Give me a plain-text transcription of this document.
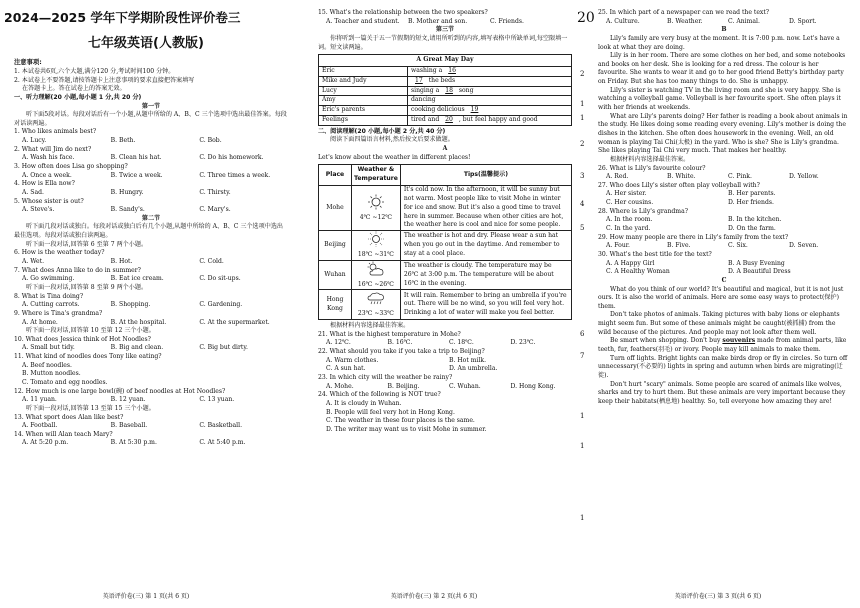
2024—2025 学年下学期阶段性评价卷三
七年级英语(人教版)
注意事项:

1. 本试卷共6页,六个大题,满分120 分,考试时间100 分钟。

2. 本试卷上不要答题,请按答题卡上注意事项的要求直接把答案填写

在答题卡上。答在试卷上的答案无效。

一、听力理解(20 小题,每小题 1 分,共 20 分)

第一节

听下面5段对话。每段对话后有一个小题,从题中所给的 A、B、C 三个选项中选出最佳答案。每段对话读两遍。

1. Who likes animals best?

A. Lucy.	B. Beth.	C. Bob.

2. What will Jim do next?

A. Wash his face.	B. Clean his hat.	C. Do his homework.

3. How often does Lisa go shopping?

A. Once a week.	B. Twice a week.	C. Three times a week.

4. How is Ella now?

A. Sad.	B. Hungry.	C. Thirsty.

5. Whose sister is out?

A. Steve's.	B. Sandy's.	C. Mary's.

第二节

听下面几段对话或独白。每段对话或独白后有几个小题,从题中所给的 A、B、C 三个选项中选出最佳选项。每段对话或独白读两遍。

听下面一段对话,回答第 6 至第 7 两个小题。

6. How is the weather today?

A. Wet.	B. Hot.	C. Cold.

7. What does Anna like to do in summer?

A. Go swimming.	B. Eat ice cream.	C. Do sit-ups.

听下面一段对话,回答第 8 至第 9 两个小题。

8. What is Tina doing?

A. Cutting carrots.	B. Shopping.	C. Gardening.

9. Where is Tina's grandma?

A. At home.	B. At the hospital.	C. At the supermarket.

听下面一段对话,回答第 10 至第 12 三个小题。

10. What does Jessica think of Hot Noodles?

A. Small but tidy.	B. Big and clean.	C. Big but dirty.

11. What kind of noodles does Tony like eating?

A. Beef noodles.
B. Mutton noodles.
C. Tomato and egg noodles.

12. How much is one large bowl(碗) of beef noodles at Hot Noodles?

A. 11 yuan.	B. 12 yuan.	C. 13 yuan.

听下面一段对话,回答第 13 至第 15 三个小题。

13. What sport does Alan like best?

A. Football.	B. Baseball.	C. Basketball.

14. When will Alan teach Mary?

A. At 5:20 p.m.	B. At 5:30 p.m.	C. At 5:40 p.m.
英语评价卷(三) 第 1 页(共 6 页)

15. What's the relationship between the two speakers?

A. Teacher and student.	B. Mother and son.	C. Friends.

第三节

你将听到一篇关于五一节假期的短文,请用所听到的内容,填写表格中所缺单词,每空限填一词。短文读两遍。

A Great May Day
Eric	washing a 16
Mike and Judy	17 the beds
Lucy	singing a 18 song
Amy	dancing
Eric's parents	cooking delicious 19
Feelings	tired and 20 , but feel happy and good

二、阅读理解(20 小题,每小题 2 分,共 40 分)

阅读下面四篇语言材料,然后按文后要求做题。

A

Let's know about the weather in different places!

Place	Weather & Temperature	Tips(温馨提示)
Mohe	4℃ ~12℃	It's cold now. In the afternoon, it will be sunny but not warm. Most people like to visit Mohe in winter for ice and snow. But it's also a good time to travel here in summer. Because when other cities are hot, the weather here is cool and nice for some people.
Beijing	18℃ ~31℃	The weather is hot and dry. Please wear a sun hat when you go out in the daytime. And remember to stay at a cool place.
Wuhan	16℃ ~26℃	The weather is cloudy. The temperature may be 26℃ at 3:00 p.m. The temperature will be about 16℃ in the evening.
Hong Kong	23℃ ~33℃	It will rain. Remember to bring an umbrella if you're out. There will be no wind, so you will feel very hot. Drinking a lot of water will make you feel better.

根据材料内容选择最佳答案。

21. What is the highest temperature in Mohe?

A. 12℃.	B. 16℃.	C. 18℃.	D. 23℃.

22. What should you take if you take a trip to Beijing?

A. Warm clothes.	B. Hot milk.
C. A sun hat.	D. An umbrella.

23. In which city will the weather be rainy?

A. Mohe.	B. Beijing.	C. Wuhan.	D. Hong Kong.

24. Which of the following is NOT true?

A. It is cloudy in Wuhan.
B. People will feel very hot in Hong Kong.
C. The weather in these four places is the same.
D. The writer may want us to visit Mohe in summer.
英语评价卷(三) 第 2 页(共 6 页)
20
2
1
1
2
3
4
5
6
7
1
1
1

25. In which part of a newspaper can we read the text?

A. Culture.	B. Weather.	C. Animal.	D. Sport.

B

Lily's family are very busy at the moment. It is 7:00 p.m. now. Let's have a look at what they are doing.

Lily is in her room. There are some clothes on her bed, and some notebooks and books on her desk. She is looking for a red dress. The colour is her favourite. She wants to wear it and go to her good friend Betty's birthday party on Friday. But she has too many things to do. She is unhappy.

Lily's sister is watching TV in the living room and she is very happy. She is watching a volleyball game. Volleyball is her favourite sport. She often plays it with her friends at weekends.

What are Lily's parents doing? Her father is reading a book about animals in the study. He likes doing some reading every evening. Lily's mother is doing the dishes in the kitchen. She often does housework in the evening. Well, an old woman is playing Tai Chi(太极) in the yard. Who is she? She is Lily's grandma. She likes playing Tai Chi very much. That makes her healthy.

根据材料内容选择最佳答案。

26. What is Lily's favourite colour?

A. Red.	B. White.	C. Pink.	D. Yellow.

27. Who does Lily's sister often play volleyball with?

A. Her sister.	B. Her parents.
C. Her cousins.	D. Her friends.

28. Where is Lily's grandma?

A. In the room.	B. In the kitchen.
C. In the yard.	D. On the farm.

29. How many people are there in Lily's family from the text?

A. Four.	B. Five.	C. Six.	D. Seven.

30. What's the best title for the text?

A. A Happy Girl	B. A Busy Evening
C. A Healthy Woman	D. A Beautiful Dress

C

What do you think of our world? It's beautiful and magical, but it is not just ours. It is also the world of animals. Here are some easy ways to protect(保护) them.

Don't take photos of animals. Taking pictures with baby lions or elephants might seem fun. But some of these animals might be caught(被抓捕) from the wild because of the pictures. And people may not look after them well.

Be smart when shopping. Don't buy souvenirs made from animal parts, like teeth, fur, feathers(羽毛) or ivory. People may kill animals to make them.

Turn off lights. Bright lights can make birds drop or fly in circles. So turn off unnecessary(不必要的) lights in spring and autumn when birds are migrating(迁徙).

Don't hurt "scary" animals. Some people are scared of animals like wolves, sharks and try to hurt them. But these animals are very important because they keep their habitats(栖息地) healthy. So, tell everyone how amazing they are!

英语评价卷(三) 第 3 页(共 6 页)
